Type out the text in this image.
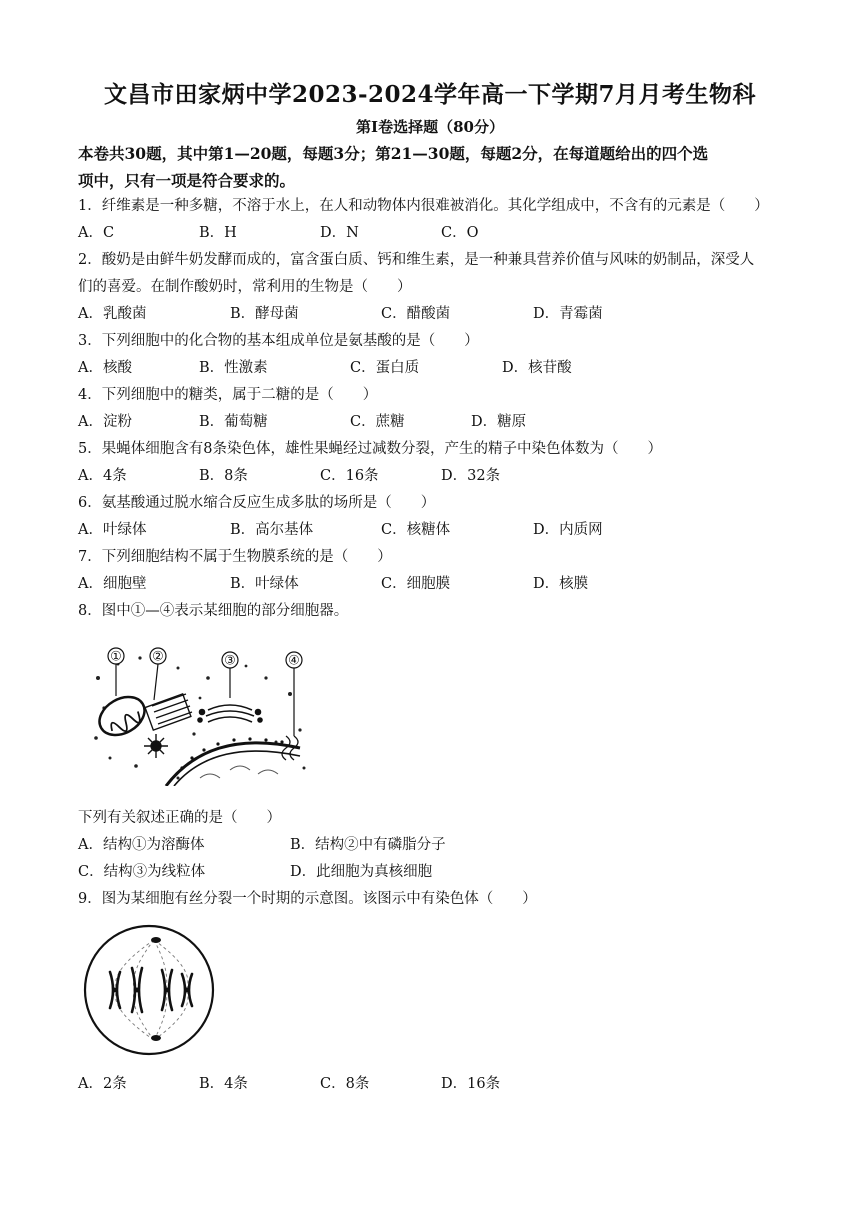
文昌市田家炳中学2023-2024学年高一下学期7月月考生物科
第I卷选择题（80分）
本卷共30题，其中第1—20题，每题3分；第21—30题，每题2分，在每道题给出的四个选
项中，只有一项是符合要求的。
1．纤维素是一种多糖，不溶于水上，在人和动物体内很难被消化。其化学组成中，不含有的元素是（　　）
A．C	B．H	D．N	C．O
2．酸奶是由鲜牛奶发酵而成的，富含蛋白质、钙和维生素，是一种兼具营养价值与风味的奶制品，深受人
们的喜爱。在制作酸奶时，常利用的生物是（　　）
A．乳酸菌	B．酵母菌	C．醋酸菌	D．青霉菌
3．下列细胞中的化合物的基本组成单位是氨基酸的是（　　）
A．核酸	B．性激素	C．蛋白质	D．核苷酸
4．下列细胞中的糖类，属于二糖的是（　　）
A．淀粉	B．葡萄糖	C．蔗糖	D．糖原
5．果蝇体细胞含有8条染色体，雄性果蝇经过减数分裂，产生的精子中染色体数为（　　）
A．4条	B．8条	C．16条	D．32条
6．氨基酸通过脱水缩合反应生成多肽的场所是（　　）
A．叶绿体	B．高尔基体	C．核糖体	D．内质网
7．下列细胞结构不属于生物膜系统的是（　　）
A．细胞壁	B．叶绿体	C．细胞膜	D．核膜
8．图中①—④表示某细胞的部分细胞器。
① ②	③	④
下列有关叙述正确的是（　　）
A．结构①为溶酶体	B．结构②中有磷脂分子
C．结构③为线粒体	D．此细胞为真核细胞
9．图为某细胞有丝分裂一个时期的示意图。该图示中有染色体（　　）
A．2条	B．4条	C．8条	D．16条
